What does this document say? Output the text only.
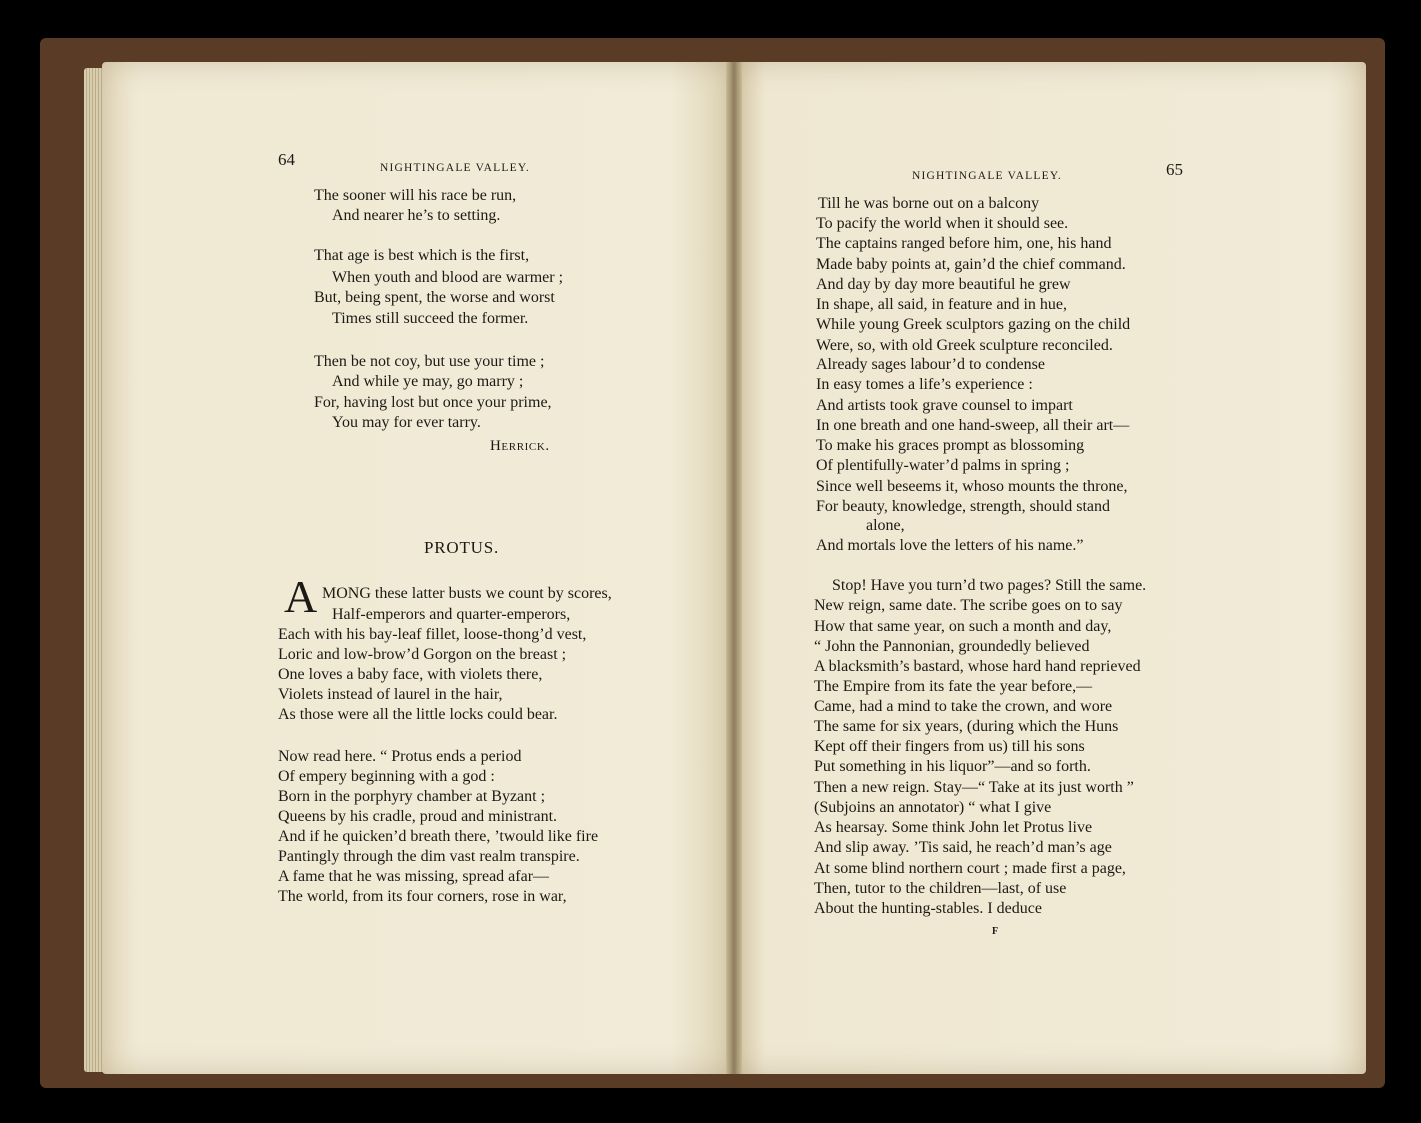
64	NIGHTINGALE VALLEY.
The sooner will his race be run,
And nearer he’s to setting.
That age is best which is the first,
When youth and blood are warmer ;
But, being spent, the worse and worst
Times still succeed the former.
Then be not coy, but use your time ;
And while ye may, go marry ;
For, having lost but once your prime,
You may for ever tarry.
Herrick.
PROTUS.
A MONG these latter busts we count by scores,
Half-emperors and quarter-emperors,
Each with his bay-leaf fillet, loose-thong’d vest,
Loric and low-brow’d Gorgon on the breast ;
One loves a baby face, with violets there,
Violets instead of laurel in the hair,
As those were all the little locks could bear.
Now read here. “ Protus ends a period
Of empery beginning with a god :
Born in the porphyry chamber at Byzant ;
Queens by his cradle, proud and ministrant.
And if he quicken’d breath there, ’twould like fire
Pantingly through the dim vast realm transpire.
A fame that he was missing, spread afar—
The world, from its four corners, rose in war,
NIGHTINGALE VALLEY.	65
Till he was borne out on a balcony
To pacify the world when it should see.
The captains ranged before him, one, his hand
Made baby points at, gain’d the chief command.
And day by day more beautiful he grew
In shape, all said, in feature and in hue,
While young Greek sculptors gazing on the child
Were, so, with old Greek sculpture reconciled.
Already sages labour’d to condense
In easy tomes a life’s experience :
And artists took grave counsel to impart
In one breath and one hand-sweep, all their art—
To make his graces prompt as blossoming
Of plentifully-water’d palms in spring ;
Since well beseems it, whoso mounts the throne,
For beauty, knowledge, strength, should stand
alone,
And mortals love the letters of his name.”
Stop! Have you turn’d two pages? Still the same.
New reign, same date. The scribe goes on to say
How that same year, on such a month and day,
“ John the Pannonian, groundedly believed
A blacksmith’s bastard, whose hard hand reprieved
The Empire from its fate the year before,—
Came, had a mind to take the crown, and wore
The same for six years, (during which the Huns
Kept off their fingers from us) till his sons
Put something in his liquor”—and so forth.
Then a new reign. Stay—“ Take at its just worth ”
(Subjoins an annotator) “ what I give
As hearsay. Some think John let Protus live
And slip away. ’Tis said, he reach’d man’s age
At some blind northern court ; made first a page,
Then, tutor to the children—last, of use
About the hunting-stables. I deduce
F
